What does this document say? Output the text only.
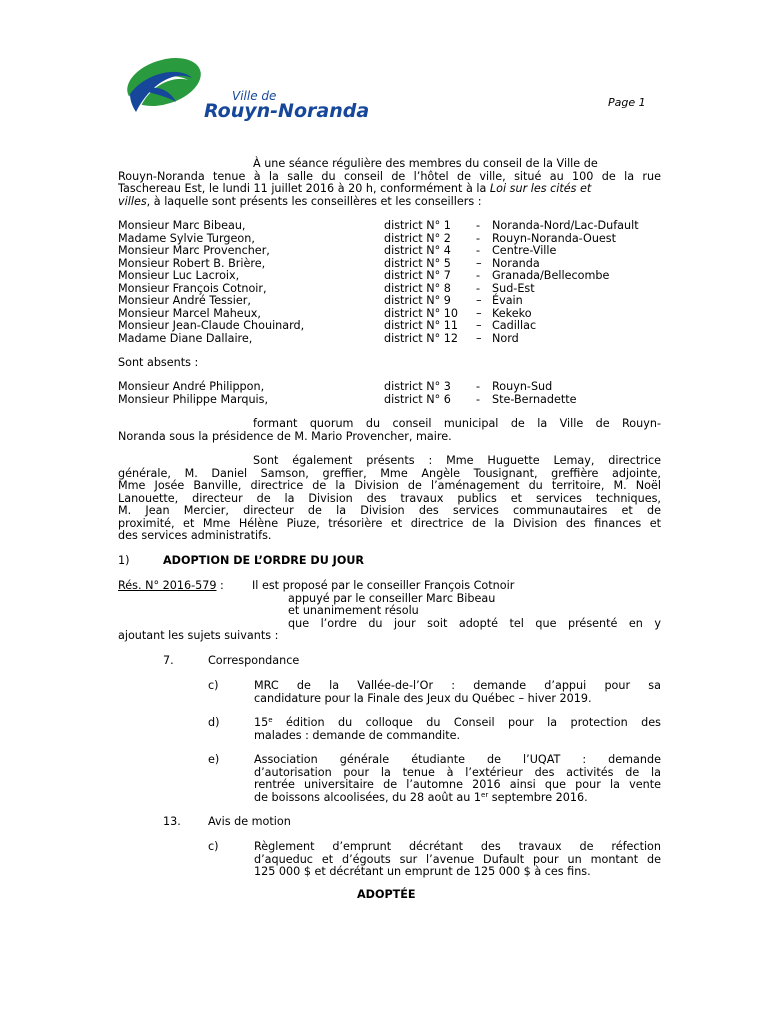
Ville de
Rouyn-Noranda	Page 1
À une séance régulière des membres du conseil de la Ville de
Rouyn-Noranda tenue à la salle du conseil de l’hôtel de ville, situé au 100 de la rue
Taschereau Est, le lundi 11 juillet 2016 à 20 h, conformément à la Loi sur les cités et
villes, à laquelle sont présents les conseillères et les conseillers :
Monsieur Marc Bibeau,	district N° 1 - Noranda-Nord/Lac-Dufault
Madame Sylvie Turgeon,	district N° 2 - Rouyn-Noranda-Ouest
Monsieur Marc Provencher,	district N° 4 - Centre-Ville
Monsieur Robert B. Brière,	district N° 5 – Noranda
Monsieur Luc Lacroix,	district N° 7 - Granada/Bellecombe
Monsieur François Cotnoir,	district N° 8 - Sud-Est
Monsieur André Tessier,	district N° 9 – Évain
Monsieur Marcel Maheux,	district N° 10 – Kekeko
Monsieur Jean-Claude Chouinard,	district N° 11 – Cadillac
Madame Diane Dallaire,	district N° 12 – Nord
Sont absents :
Monsieur André Philippon,	district N° 3 - Rouyn-Sud
Monsieur Philippe Marquis,	district N° 6 - Ste-Bernadette
formant quorum du conseil municipal de la Ville de Rouyn-
Noranda sous la présidence de M. Mario Provencher, maire.
Sont également présents : Mme Huguette Lemay, directrice
générale, M. Daniel Samson, greffier, Mme Angèle Tousignant, greffière adjointe,
Mme Josée Banville, directrice de la Division de l’aménagement du territoire, M. Noël
Lanouette, directeur de la Division des travaux publics et services techniques,
M. Jean Mercier, directeur de la Division des services communautaires et de
proximité, et Mme Hélène Piuze, trésorière et directrice de la Division des finances et
des services administratifs.
1)	ADOPTION DE L’ORDRE DU JOUR
Rés. N° 2016-579 :	Il est proposé par le conseiller François Cotnoir
appuyé par le conseiller Marc Bibeau
et unanimement résolu
que l’ordre du jour soit adopté tel que présenté en y
ajoutant les sujets suivants :
7.	Correspondance
c)	MRC de la Vallée-de-l’Or : demande d’appui pour sa
candidature pour la Finale des Jeux du Québec – hiver 2019.
d)	15e édition du colloque du Conseil pour la protection des
malades : demande de commandite.
e)	Association générale étudiante de l’UQAT : demande
d’autorisation pour la tenue à l’extérieur des activités de la
rentrée universitaire de l’automne 2016 ainsi que pour la vente
de boissons alcoolisées, du 28 août au 1er septembre 2016.
13. Avis de motion
c)	Règlement d’emprunt décrétant des travaux de réfection
d’aqueduc et d’égouts sur l’avenue Dufault pour un montant de
125 000 $ et décrétant un emprunt de 125 000 $ à ces fins.
ADOPTÉE
